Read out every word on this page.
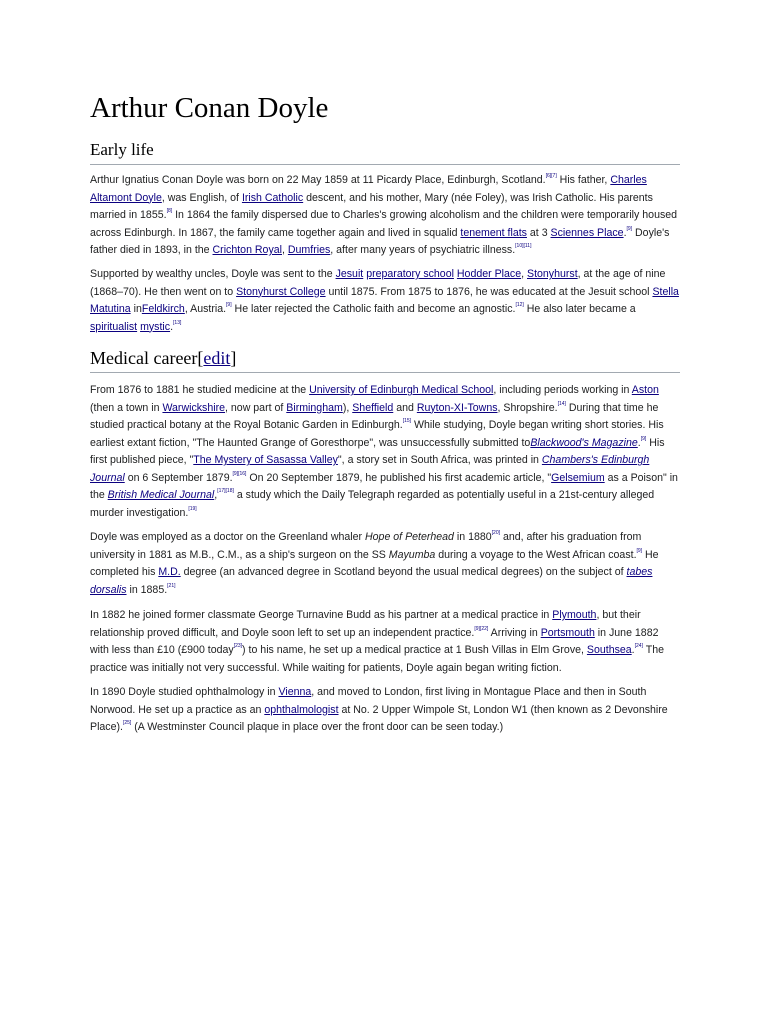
Arthur Conan Doyle
Early life

Arthur Ignatius Conan Doyle was born on 22 May 1859 at 11 Picardy Place, Edinburgh, Scotland.[6][7] His father, Charles Altamont Doyle, was English, of Irish Catholic descent, and his mother, Mary (née Foley), was Irish Catholic. His parents married in 1855.[8] In 1864 the family dispersed due to Charles's growing alcoholism and the children were temporarily housed across Edinburgh. In 1867, the family came together again and lived in squalid tenement flats at 3 Sciennes Place.[9] Doyle's father died in 1893, in the Crichton Royal, Dumfries, after many years of psychiatric illness.[10][11]

Supported by wealthy uncles, Doyle was sent to the Jesuit preparatory school Hodder Place, Stonyhurst, at the age of nine (1868–70). He then went on to Stonyhurst College until 1875. From 1875 to 1876, he was educated at the Jesuit school Stella Matutina inFeldkirch, Austria.[9] He later rejected the Catholic faith and become an agnostic.[12] He also later became a spiritualist mystic.[13]

Medical career[edit]

From 1876 to 1881 he studied medicine at the University of Edinburgh Medical School, including periods working in Aston (then a town in Warwickshire, now part of Birmingham), Sheffield and Ruyton-XI-Towns, Shropshire.[14] During that time he studied practical botany at the Royal Botanic Garden in Edinburgh.[15] While studying, Doyle began writing short stories. His earliest extant fiction, "The Haunted Grange of Goresthorpe", was unsuccessfully submitted toBlackwood's Magazine.[9] His first published piece, "The Mystery of Sasassa Valley", a story set in South Africa, was printed in Chambers's Edinburgh Journal on 6 September 1879.[9][16] On 20 September 1879, he published his first academic article, "Gelsemium as a Poison" in the British Medical Journal,[17][18] a study which the Daily Telegraph regarded as potentially useful in a 21st-century alleged murder investigation.[19]

Doyle was employed as a doctor on the Greenland whaler Hope of Peterhead in 1880[20] and, after his graduation from university in 1881 as M.B., C.M., as a ship's surgeon on the SS Mayumba during a voyage to the West African coast.[9] He completed his M.D. degree (an advanced degree in Scotland beyond the usual medical degrees) on the subject of tabes dorsalis in 1885.[21]

In 1882 he joined former classmate George Turnavine Budd as his partner at a medical practice in Plymouth, but their relationship proved difficult, and Doyle soon left to set up an independent practice.[9][22] Arriving in Portsmouth in June 1882 with less than £10 (£900 today[23]) to his name, he set up a medical practice at 1 Bush Villas in Elm Grove, Southsea.[24] The practice was initially not very successful. While waiting for patients, Doyle again began writing fiction.

In 1890 Doyle studied ophthalmology in Vienna, and moved to London, first living in Montague Place and then in South Norwood. He set up a practice as an ophthalmologist at No. 2 Upper Wimpole St, London W1 (then known as 2 Devonshire Place).[25] (A Westminster Council plaque in place over the front door can be seen today.)
